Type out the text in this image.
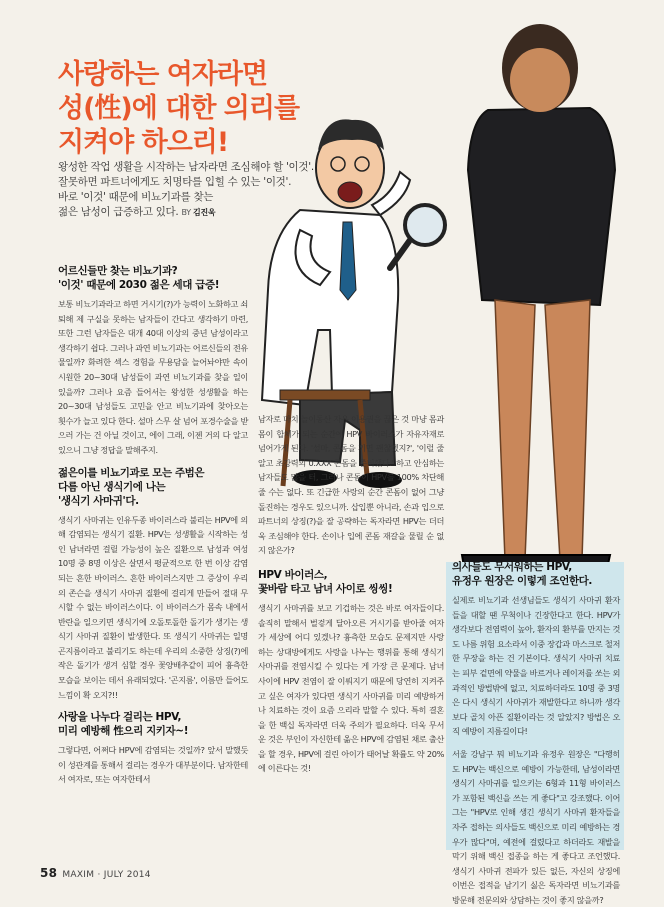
사랑하는 여자라면
성(性)에 대한 의리를
지켜야 하으리!
왕성한 작업 생활을 시작하는 남자라면 조심해야 할 '이것'.
잘못하면 파트너에게도 치명타를 입힐 수 있는 '이것'.
바로 '이것' 때문에 비뇨기과를 찾는
젊은 남성이 급증하고 있다. BY 김진욱
어르신들만 찾는 비뇨기과?
'이것' 때문에 2030 젊은 세대 급증!

보통 비뇨기과라고 하면 거시기(?)가 능력이 노화하고 쇠퇴해 제 구실을 못하는 남자들이 간다고 생각하기 마련, 또한 그런 남자들은 대개 40대 이상의 중년 남성이라고 생각하기 쉽다. 그러나 과연 비뇨기과는 어르신들의 전유물일까? 화려한 섹스 경험을 무용담을 늘어놔야만 속이 시원한 20~30대 남성들이 과연 비뇨기과를 찾을 일이 있을까? 그러나 요즘 들어서는 왕성한 성생활을 하는 20~30대 남성들도 고민을 안고 비뇨기과에 찾아오는 횟수가 늘고 있다 한다. 설마 스무 살 넘어 포경수술을 받으러 가는 건 아닐 것이고, 에이 그래, 이젠 거의 다 알고 있으니 그냥 정답을 말해주지.

젊은이를 비뇨기과로 모는 주범은
다름 아닌 생식기에 나는
'생식기 사마귀'다.

생식기 사마귀는 인유두종 바이러스라 불리는 HPV에 의해 감염되는 생식기 질환. HPV는 성생활을 시작하는 성인 남녀라면 걸릴 가능성이 높은 질환으로 남성과 여성 10명 중 8명 이상은 살면서 평균적으로 한 번 이상 감염되는 흔한 바이러스. 흔한 바이러스지만 그 증상이 우리의 존슨을 생식기 사마귀 질환에 걸리게 만들어 절대 무시할 수 없는 바이러스이다. 이 바이러스가 몸속 내에서 반란을 일으키면 생식기에 오돌토돌한 돌기가 생기는 생식기 사마귀 질환이 발생한다. 또 생식기 사마귀는 일명 곤지름이라고 불리기도 하는데 우리의 소중한 상징(?)에 작은 돌기가 생겨 심할 경우 꽃양배추같이 피어 흉측한 모습을 보이는 데서 유래되었다. '곤지름', 이름만 들어도 느낌이 확 오지?!!

사랑을 나누다 걸리는 HPV,
미리 예방해 性으리 지키자~!

그렇다면, 어쩌다 HPV에 감염되는 것일까? 앞서 말했듯이 성관계를 통해서 걸리는 경우가 대부분이다. 남자한테서 여자로, 또는 여자한테서

남자로 마치 놀이동산 자유 이용권을 끊은 것 마냥 몸과 몸이 합체가 되는 순간에 HPV 바이러스가 자유자재로 넘어가게 된다. '설마, 콘돔을 끼면 괜찮겠지?', '이럴 줄 알고 초강력의 0.XXX 콘돔을 준비했다.' 하고 안심하는 남자들도 많을 터, 그러나 콘돔이 HPV를 100% 차단해줄 수는 없다. 또 긴급한 사랑의 순간 콘돔이 없어 그냥 돌진하는 경우도 있으니까. 삽입뿐 아니라, 손과 입으로 파트너의 상징(?)을 잘 공략하는 독자라면 HPV는 더더욱 조심해야 한다. 손이나 입에 콘돔 재갈을 물릴 순 없지 않은가?

HPV 바이러스,
꽃바람 타고 남녀 사이로 씽씽!

생식기 사마귀를 보고 기겁하는 것은 바로 여자들이다. 솔직히 말해서 벌겋게 달아오른 거시기를 받아줄 여자가 세상에 어디 있겠나? 흉측한 모습도 문제지만 사랑하는 상대방에게도 사랑을 나누는 행위를 통해 생식기 사마귀를 전염시킬 수 있다는 게 가장 큰 문제다. 남녀 사이에 HPV 전염이 잘 이뤄지기 때문에 당연히 지켜주고 싶은 여자가 있다면 생식기 사마귀를 미리 예방하거나 치료하는 것이 요즘 으리라 말할 수 있다. 특히 결혼을 한 백십 독자라면 더욱 주의가 필요하다. 더욱 무서운 것은 부인이 자신한테 옮은 HPV에 감염된 채로 출산을 할 경우, HPV에 걸린 아이가 태어날 확률도 약 20%에 이른다는 것!

의사들도 무서워하는 HPV,
유정우 원장은 이렇게 조언한다.

실제로 비뇨기과 선생님들도 생식기 사마귀 환자들을 대할 땐 무척이나 긴장한다고 한다. HPV가 생각보다 전염력이 높아, 환자의 환부를 만지는 것도 나름 위험 요소라서 이중 장갑과 마스크로 철저한 무장을 하는 건 기본이다. 생식기 사마귀 치료는 피부 겉면에 약물을 바르거나 레이저를 쏘는 외과적인 방법밖에 없고, 치료하더라도 10명 중 3명은 다시 생식기 사마귀가 재발한다고 하니까 생각보다 골치 아픈 질환이라는 것 알았지? 방법은 오직 예방이 지름길이다!

서울 강남구 뭐 비뇨기과 유정우 원장은 "다행히도 HPV는 백신으로 예방이 가능한데, 남성이라면 생식기 사마귀를 일으키는 6형과 11형 바이러스가 포함된 백신을 쓰는 게 좋다"고 강조했다. 이어 그는 "HPV로 인해 생긴 생식기 사마귀 환자들을 자주 접하는 의사들도 백신으로 미리 예방하는 경우가 많다"며, 예전에 걸렸다고 하더라도 재발을 막기 위해 백신 접종을 하는 게 좋다고 조언했다. 생식기 사마귀 전파가 있든 없든, 자신의 상징에 이번은 접적을 남기기 싫은 독자라면 비뇨기과를 방문해 전문의와 상담하는 것이 좋지 않을까?

58 MAXIM · JULY 2014
